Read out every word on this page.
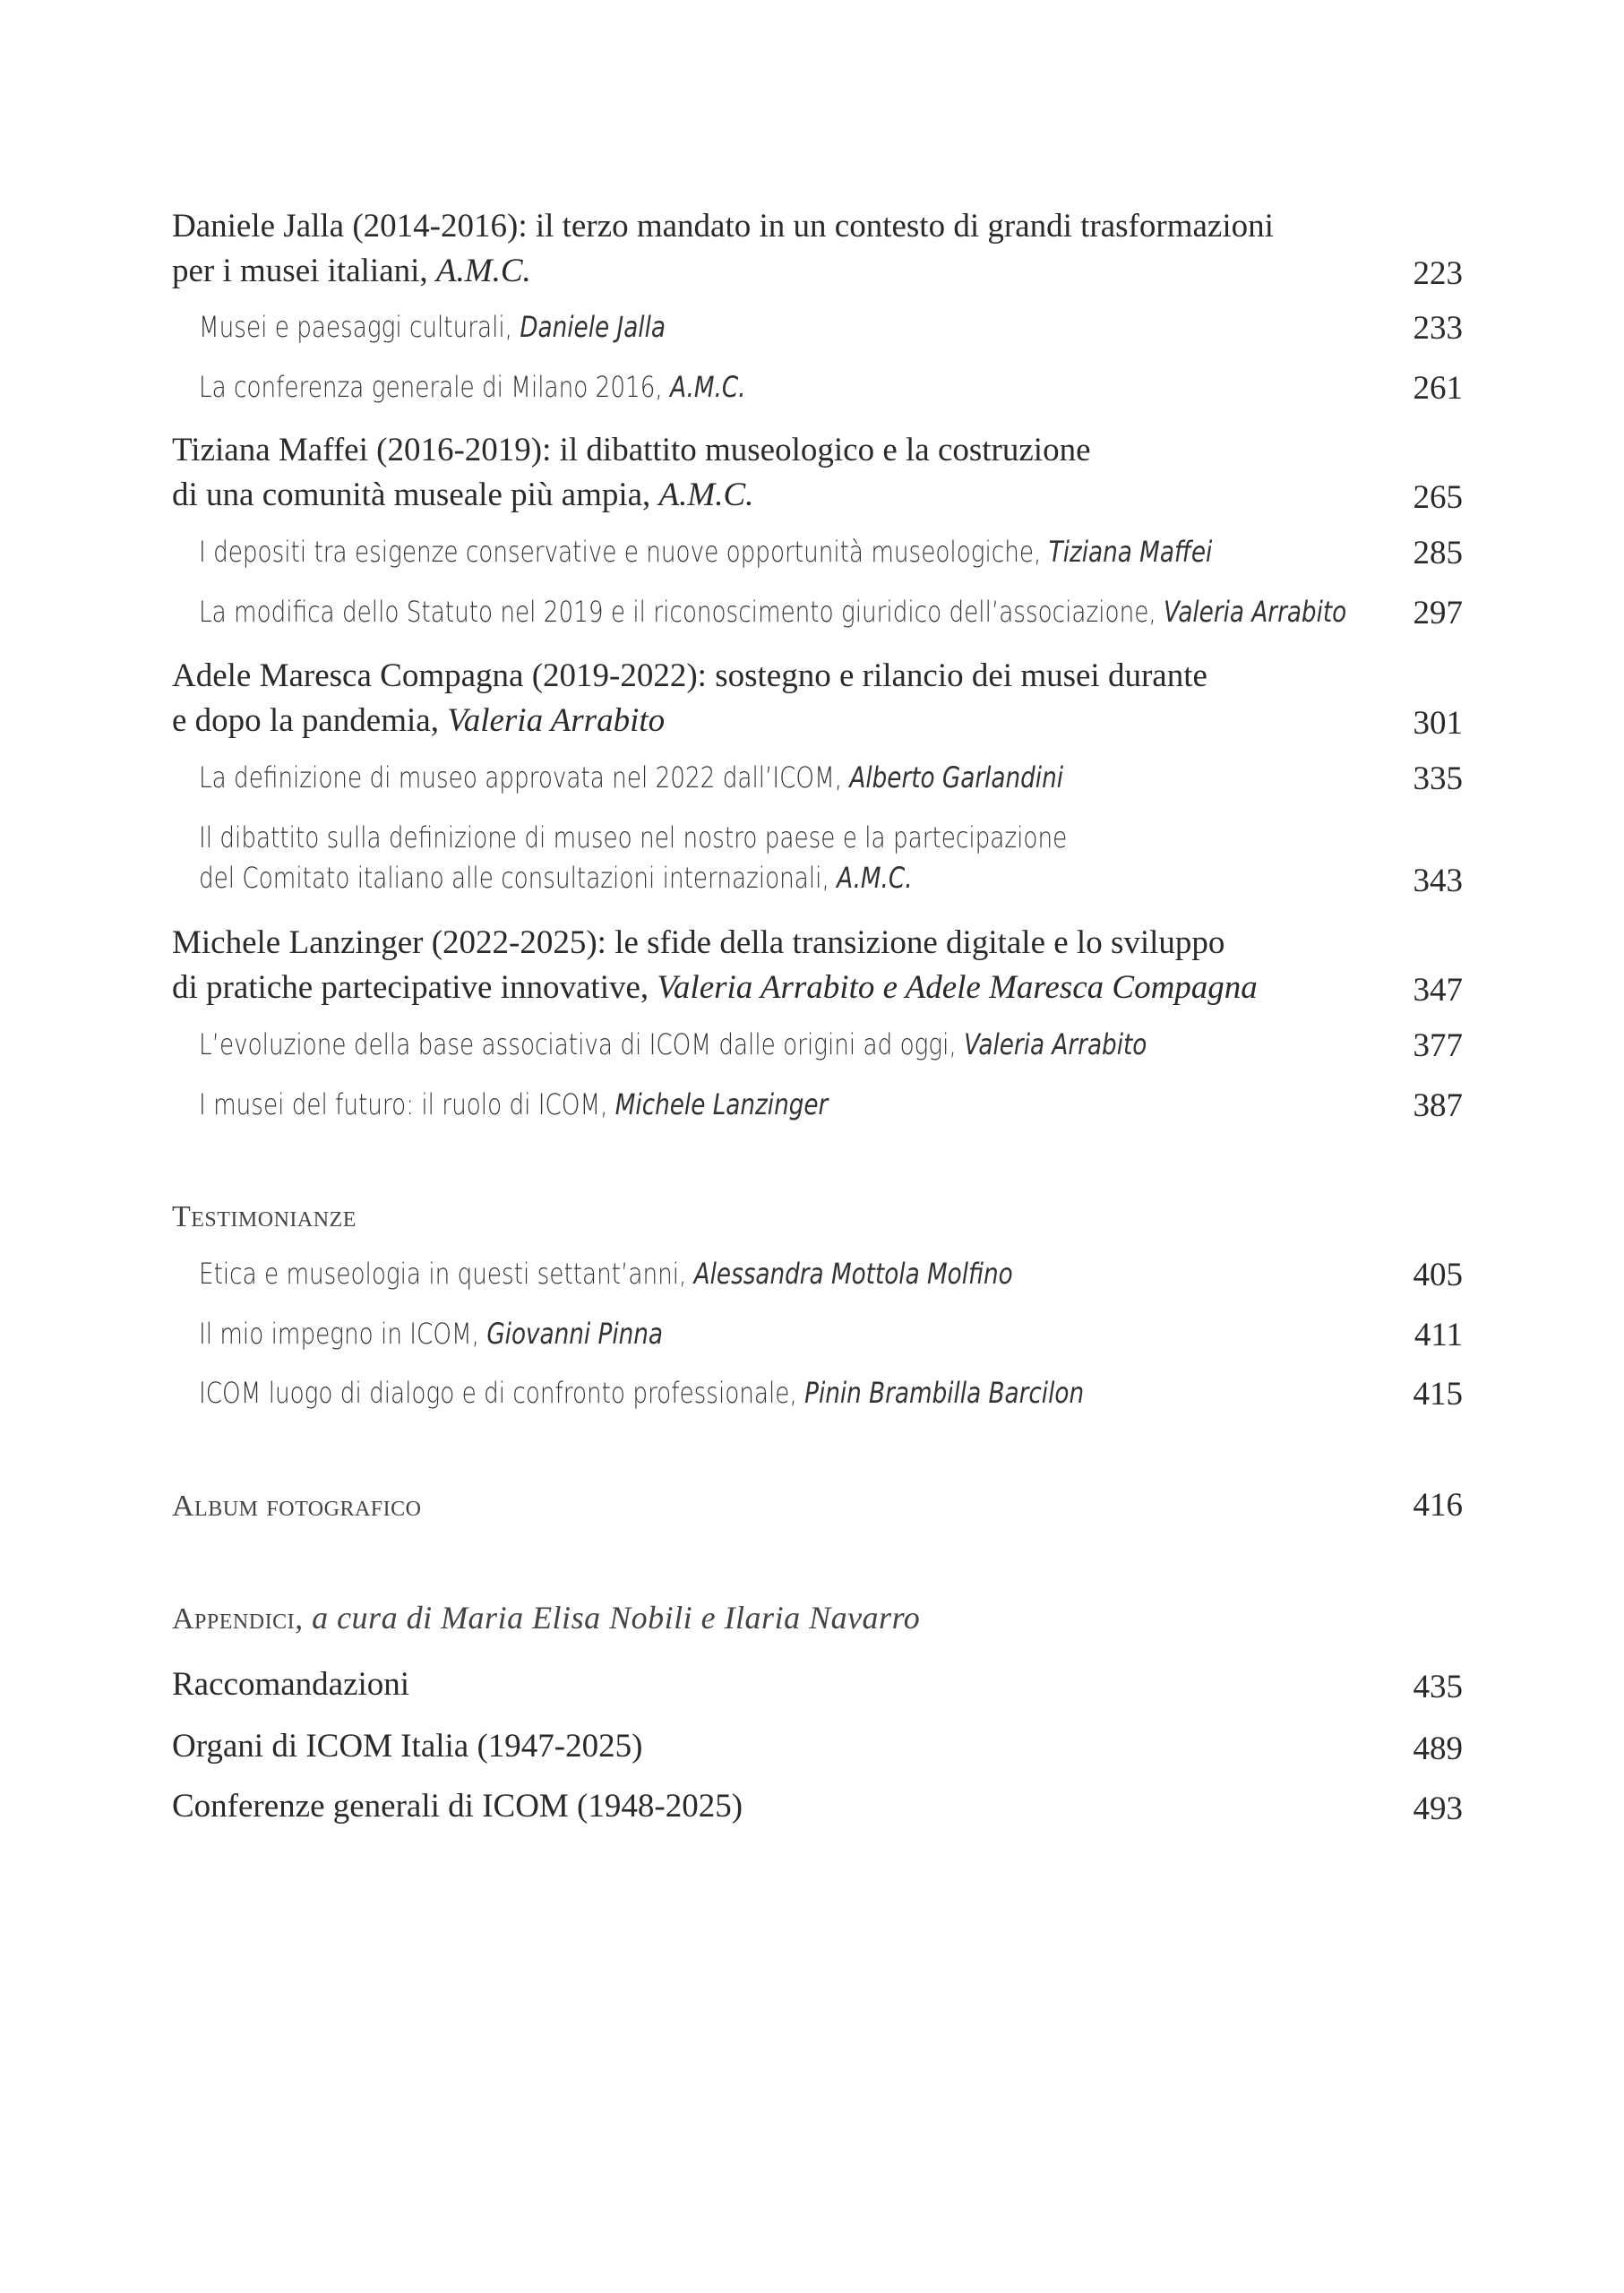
Daniele Jalla (2014-2016): il terzo mandato in un contesto di grandi trasformazioni
per i musei italiani, A.M.C.	223
Musei e paesaggi culturali, Daniele Jalla	233
La conferenza generale di Milano 2016, A.M.C.	261
Tiziana Maffei (2016-2019): il dibattito museologico e la costruzione
di una comunità museale più ampia, A.M.C.	265
I depositi tra esigenze conservative e nuove opportunità museologiche, Tiziana Maffei	285
La modifica dello Statuto nel 2019 e il riconoscimento giuridico dell’associazione, Valeria Arrabito 297
Adele Maresca Compagna (2019-2022): sostegno e rilancio dei musei durante
e dopo la pandemia, Valeria Arrabito	301
La definizione di museo approvata nel 2022 dall’ICOM, Alberto Garlandini	335
Il dibattito sulla definizione di museo nel nostro paese e la partecipazione
del Comitato italiano alle consultazioni internazionali, A.M.C.	343
Michele Lanzinger (2022-2025): le sfide della transizione digitale e lo sviluppo
di pratiche partecipative innovative, Valeria Arrabito e Adele Maresca Compagna	347
L’evoluzione della base associativa di ICOM dalle origini ad oggi, Valeria Arrabito	377
I musei del futuro: il ruolo di ICOM, Michele Lanzinger	387
Testimonianze
Etica e museologia in questi settant’anni, Alessandra Mottola Molfino	405
Il mio impegno in ICOM, Giovanni Pinna	411
ICOM luogo di dialogo e di confronto professionale, Pinin Brambilla Barcilon	415
Album fotografico	416
Appendici, a cura di Maria Elisa Nobili e Ilaria Navarro
Raccomandazioni	435
Organi di ICOM Italia (1947-2025)	489
Conferenze generali di ICOM (1948-2025)	493
